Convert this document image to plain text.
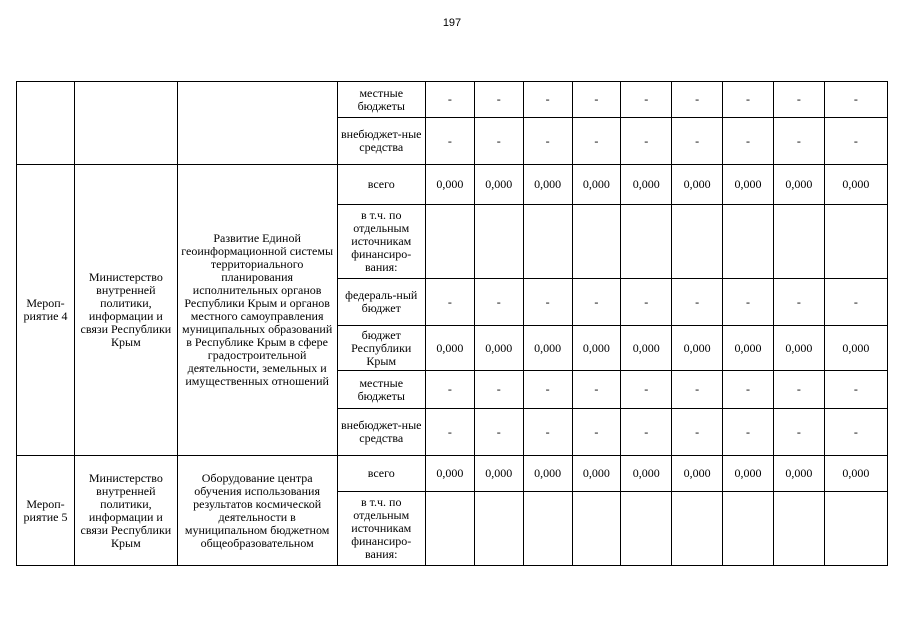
197
			местные бюджеты	-	-	-	-	-	-	-	-	-
			внебюджет-ные средства	-	-	-	-	-	-	-	-	-
Мероп-риятие 4	Министерство внутренней политики, информации и связи Республики Крым	Развитие Единой геоинформационной системы территориального планирования исполнительных органов Республики Крым и органов местного самоуправления муниципальных образований в Республике Крым в сфере градостроительной деятельности, земельных и имущественных отношений	всего	0,000	0,000	0,000	0,000	0,000	0,000	0,000	0,000	0,000
			в т.ч. по отдельным источникам финансиро-вания:									
			федераль-ный бюджет	-	-	-	-	-	-	-	-	-
			бюджет Республики Крым	0,000	0,000	0,000	0,000	0,000	0,000	0,000	0,000	0,000
			местные бюджеты	-	-	-	-	-	-	-	-	-
			внебюджет-ные средства	-	-	-	-	-	-	-	-	-
Мероп-риятие 5	Министерство внутренней политики, информации и связи Республики Крым	Оборудование центра обучения использования результатов космической деятельности в муниципальном бюджетном общеобразовательном	всего	0,000	0,000	0,000	0,000	0,000	0,000	0,000	0,000	0,000
			в т.ч. по отдельным источникам финансиро-вания:									
